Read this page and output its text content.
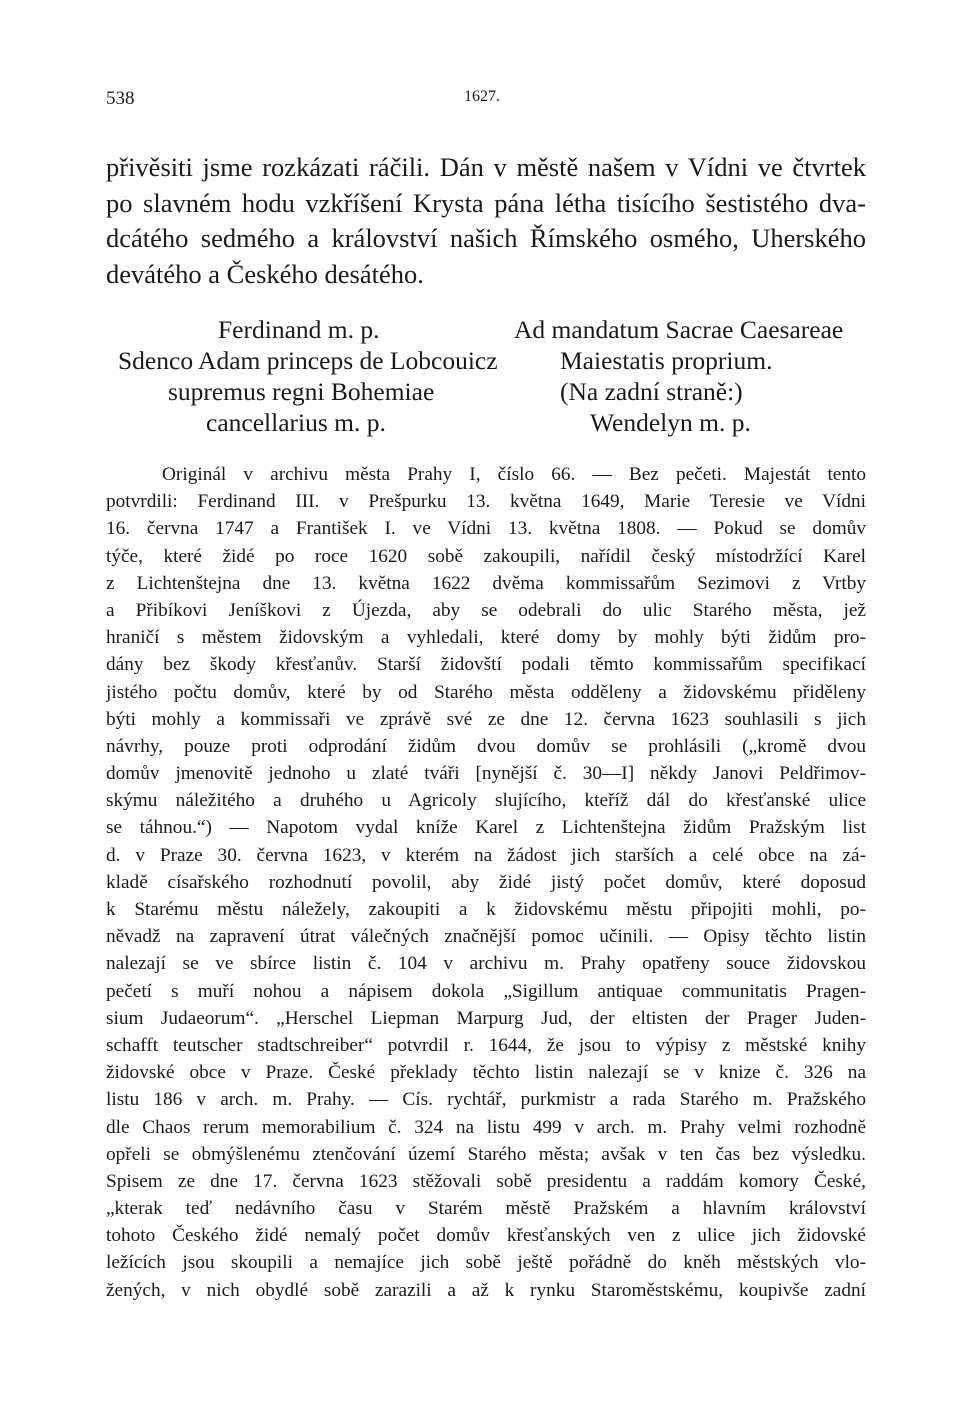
538	1627.
přivěsiti jsme rozkázati ráčili. Dán v městě našem v Vídni ve čtvrtek
po slavném hodu vzkříšení Krysta pána létha tisícího šestistého dva-
dcátého sedmého a království našich Římského osmého, Uherského
devátého a Českého desátého.
Ferdinand m. p.
Sdenco Adam princeps de Lobcouicz
supremus regni Bohemiae
cancellarius m. p.
Ad mandatum Sacrae Caesareae
Maiestatis proprium.
(Na zadní straně:)
Wendelyn m. p.
Originál v archivu města Prahy I, číslo 66. — Bez pečeti. Majestát tento
potvrdili: Ferdinand III. v Prešpurku 13. května 1649, Marie Teresie ve Vídni
16. června 1747 a František I. ve Vídni 13. května 1808. — Pokud se domův
týče, které židé po roce 1620 sobě zakoupili, nařídil český místodržící Karel
z Lichtenštejna dne 13. května 1622 dvěma kommissařům Sezimovi z Vrtby
a Přibíkovi Jeníškovi z Újezda, aby se odebrali do ulic Starého města, jež
hraničí s městem židovským a vyhledali, které domy by mohly býti židům pro-
dány bez škody křesťanův. Starší židovští podali těmto kommissařům specifikací
jistého počtu domův, které by od Starého města odděleny a židovskému přiděleny
býti mohly a kommissaři ve zprávě své ze dne 12. června 1623 souhlasili s jich
návrhy, pouze proti odprodání židům dvou domův se prohlásili („kromě dvou
domův jmenovitě jednoho u zlaté tváři [nynější č. 30—I] někdy Janovi Peldřimov-
skýmu náležitého a druhého u Agricoly slujícího, kteříž dál do křesťanské ulice
se táhnou.“) — Napotom vydal kníže Karel z Lichtenštejna židům Pražským list
d. v Praze 30. června 1623, v kterém na žádost jich starších a celé obce na zá-
kladě císařského rozhodnutí povolil, aby židé jistý počet domův, které doposud
k Starému městu náležely, zakoupiti a k židovskému městu připojiti mohli, po-
něvadž na zapravení útrat válečných značnější pomoc učinili. — Opisy těchto listin
nalezají se ve sbírce listin č. 104 v archivu m. Prahy opatřeny souce židovskou
pečetí s muří nohou a nápisem dokola „Sigillum antiquae communitatis Pragen-
sium Judaeorum“. „Herschel Liepman Marpurg Jud, der eltisten der Prager Juden-
schafft teutscher stadtschreiber“ potvrdil r. 1644, že jsou to výpisy z městské knihy
židovské obce v Praze. České překlady těchto listin nalezají se v knize č. 326 na
listu 186 v arch. m. Prahy. — Cís. rychtář, purkmistr a rada Starého m. Pražského
dle Chaos rerum memorabilium č. 324 na listu 499 v arch. m. Prahy velmi rozhodně
opřeli se obmýšlenému ztenčování území Starého města; avšak v ten čas bez výsledku.
Spisem ze dne 17. června 1623 stěžovali sobě presidentu a raddám komory České,
„kterak teď nedávního času v Starém městě Pražském a hlavním království
tohoto Českého židé nemalý počet domův křesťanských ven z ulice jich židovské
ležících jsou skoupili a nemajíce jich sobě ještě pořádně do kněh městských vlo-
žených, v nich obydlé sobě zarazili a až k rynku Staroměstskému, koupivše zadní
